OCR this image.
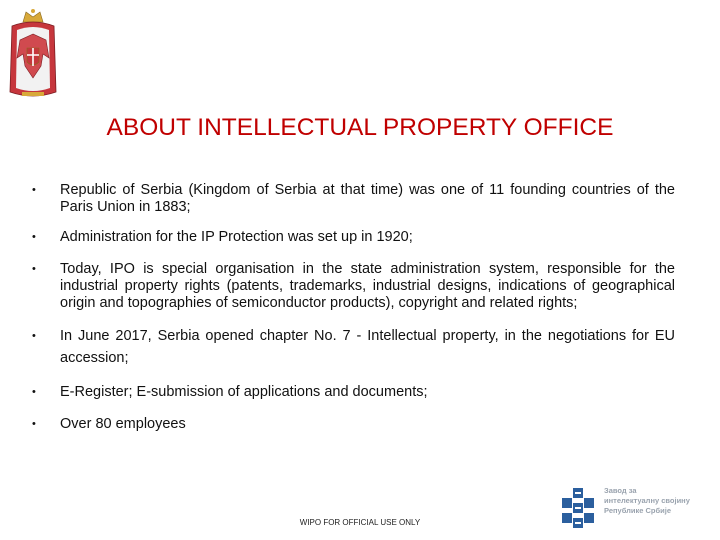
ABOUT INTELLECTUAL PROPERTY OFFICE
• Republic of Serbia (Kingdom of Serbia at that time) was one of 11 founding countries of the Paris Union in 1883;
• Administration for the IP Protection was set up in 1920;
• Today, IPO is special organisation in the state administration system, responsible for the industrial property rights (patents, trademarks, industrial designs, indications of geographical origin and topographies of semiconductor products), copyright and related rights;
• In June 2017, Serbia opened chapter No. 7 - Intellectual property, in the negotiations for EU accession;
• E-Register; E-submission of applications and documents;
• Over 80 employees
Завод за
интелектуалну својину
Републике Србије
WIPO FOR OFFICIAL USE ONLY
